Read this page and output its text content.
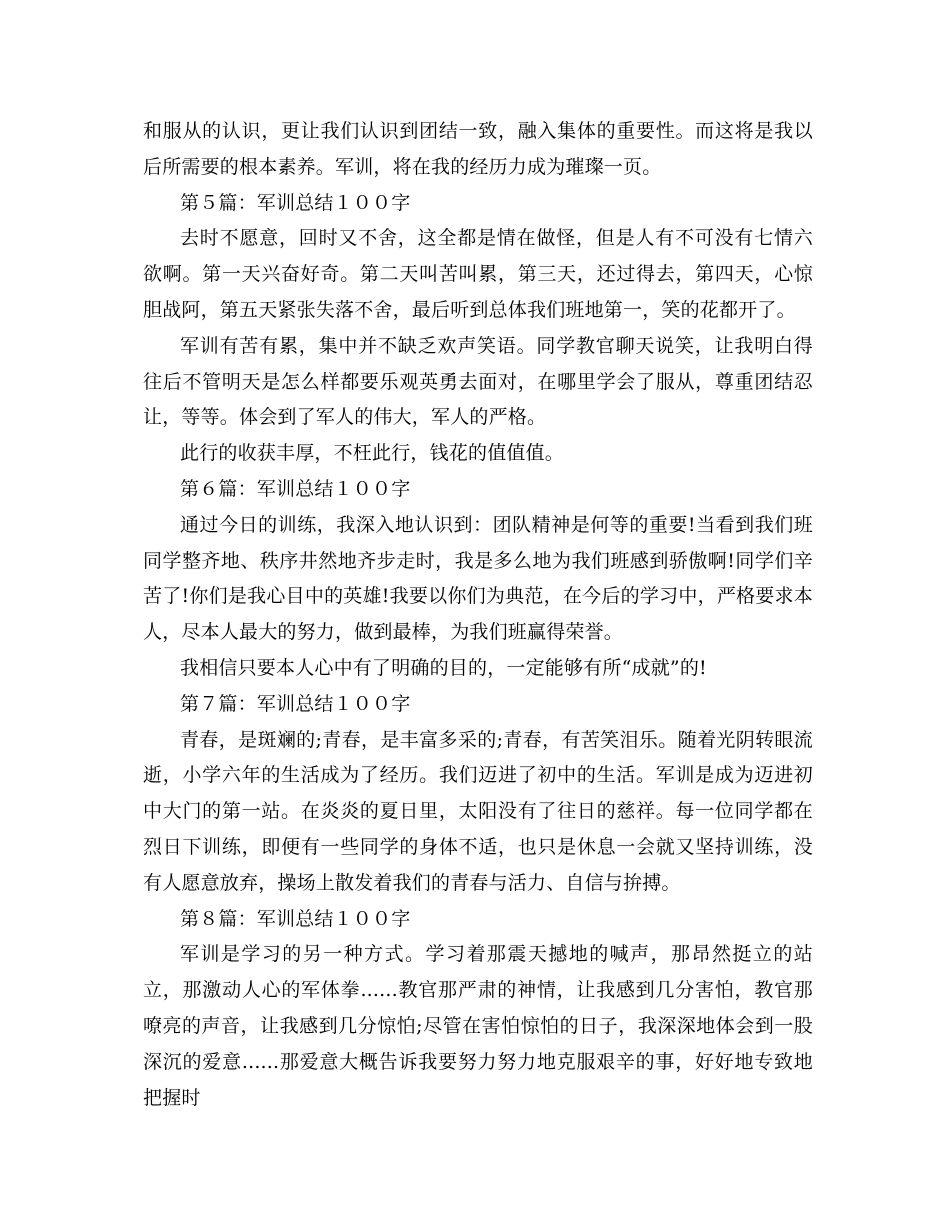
和服从的认识，更让我们认识到团结一致，融入集体的重要性。而这将是我以后所需要的根本素养。军训，将在我的经历力成为璀璨一页。

第５篇：军训总结１００字

去时不愿意，回时又不舍，这全都是情在做怪，但是人有不可没有七情六欲啊。第一天兴奋好奇。第二天叫苦叫累，第三天，还过得去，第四天，心惊胆战阿，第五天紧张失落不舍，最后听到总体我们班地第一，笑的花都开了。

军训有苦有累，集中并不缺乏欢声笑语。同学教官聊天说笑，让我明白得往后不管明天是怎么样都要乐观英勇去面对，在哪里学会了服从，尊重团结忍让，等等。体会到了军人的伟大，军人的严格。

此行的收获丰厚，不枉此行，钱花的值值值。

第６篇：军训总结１００字

通过今日的训练，我深入地认识到：团队精神是何等的重要!当看到我们班同学整齐地、秩序井然地齐步走时，我是多么地为我们班感到骄傲啊!同学们辛苦了!你们是我心目中的英雄!我要以你们为典范，在今后的学习中，严格要求本人，尽本人最大的努力，做到最棒，为我们班赢得荣誉。

我相信只要本人心中有了明确的目的，一定能够有所“成就”的!

第７篇：军训总结１００字

青春，是斑斓的;青春，是丰富多采的;青春，有苦笑泪乐。随着光阴转眼流逝，小学六年的生活成为了经历。我们迈进了初中的生活。军训是成为迈进初中大门的第一站。在炎炎的夏日里，太阳没有了往日的慈祥。每一位同学都在烈日下训练，即便有一些同学的身体不适，也只是休息一会就又坚持训练，没有人愿意放弃，操场上散发着我们的青春与活力、自信与拚搏。

第８篇：军训总结１００字

军训是学习的另一种方式。学习着那震天撼地的喊声，那昂然挺立的站立，那激动人心的军体拳......教官那严肃的神情，让我感到几分害怕，教官那嘹亮的声音，让我感到几分惊怕;尽管在害怕惊怕的日子，我深深地体会到一股深沉的爱意......那爱意大概告诉我要努力努力地克服艰辛的事，好好地专致地把握时
